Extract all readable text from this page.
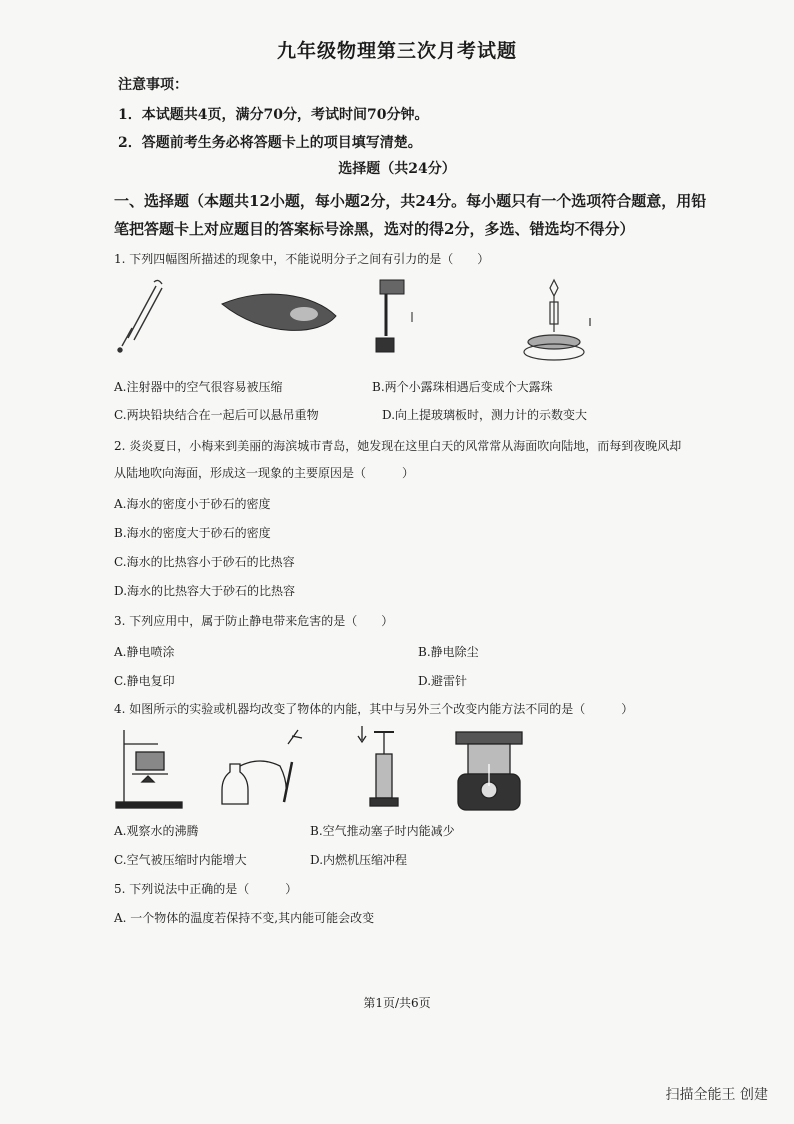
九年级物理第三次月考试题
注意事项：
1．本试题共4页，满分70分，考试时间70分钟。
2．答题前考生务必将答题卡上的项目填写清楚。
选择题（共24分）
一、选择题（本题共12小题，每小题2分，共24分。每小题只有一个选项符合题意，用铅
笔把答题卡上对应题目的答案标号涂黑，选对的得2分，多选、错选均不得分）
1. 下列四幅图所描述的现象中，不能说明分子之间有引力的是（　　）
A.注射器中的空气很容易被压缩	B.两个小露珠相遇后变成个大露珠
C.两块铅块结合在一起后可以悬吊重物	D.向上提玻璃板时，测力计的示数变大
2. 炎炎夏日，小梅来到美丽的海滨城市青岛，她发现在这里白天的风常常从海面吹向陆地，而每到夜晚风却
从陆地吹向海面，形成这一现象的主要原因是（　　　）
A.海水的密度小于砂石的密度
B.海水的密度大于砂石的密度
C.海水的比热容小于砂石的比热容
D.海水的比热容大于砂石的比热容
3. 下列应用中，属于防止静电带来危害的是（　　）
A.静电喷涂	B.静电除尘
C.静电复印	D.避雷针
4. 如图所示的实验或机器均改变了物体的内能，其中与另外三个改变内能方法不同的是（　　　）
A.观察水的沸腾	B.空气推动塞子时内能减少
C.空气被压缩时内能增大	D.内燃机压缩冲程
5. 下列说法中正确的是（　　　）
A. 一个物体的温度若保持不变,其内能可能会改变
第1页/共6页
扫描全能王 创建
